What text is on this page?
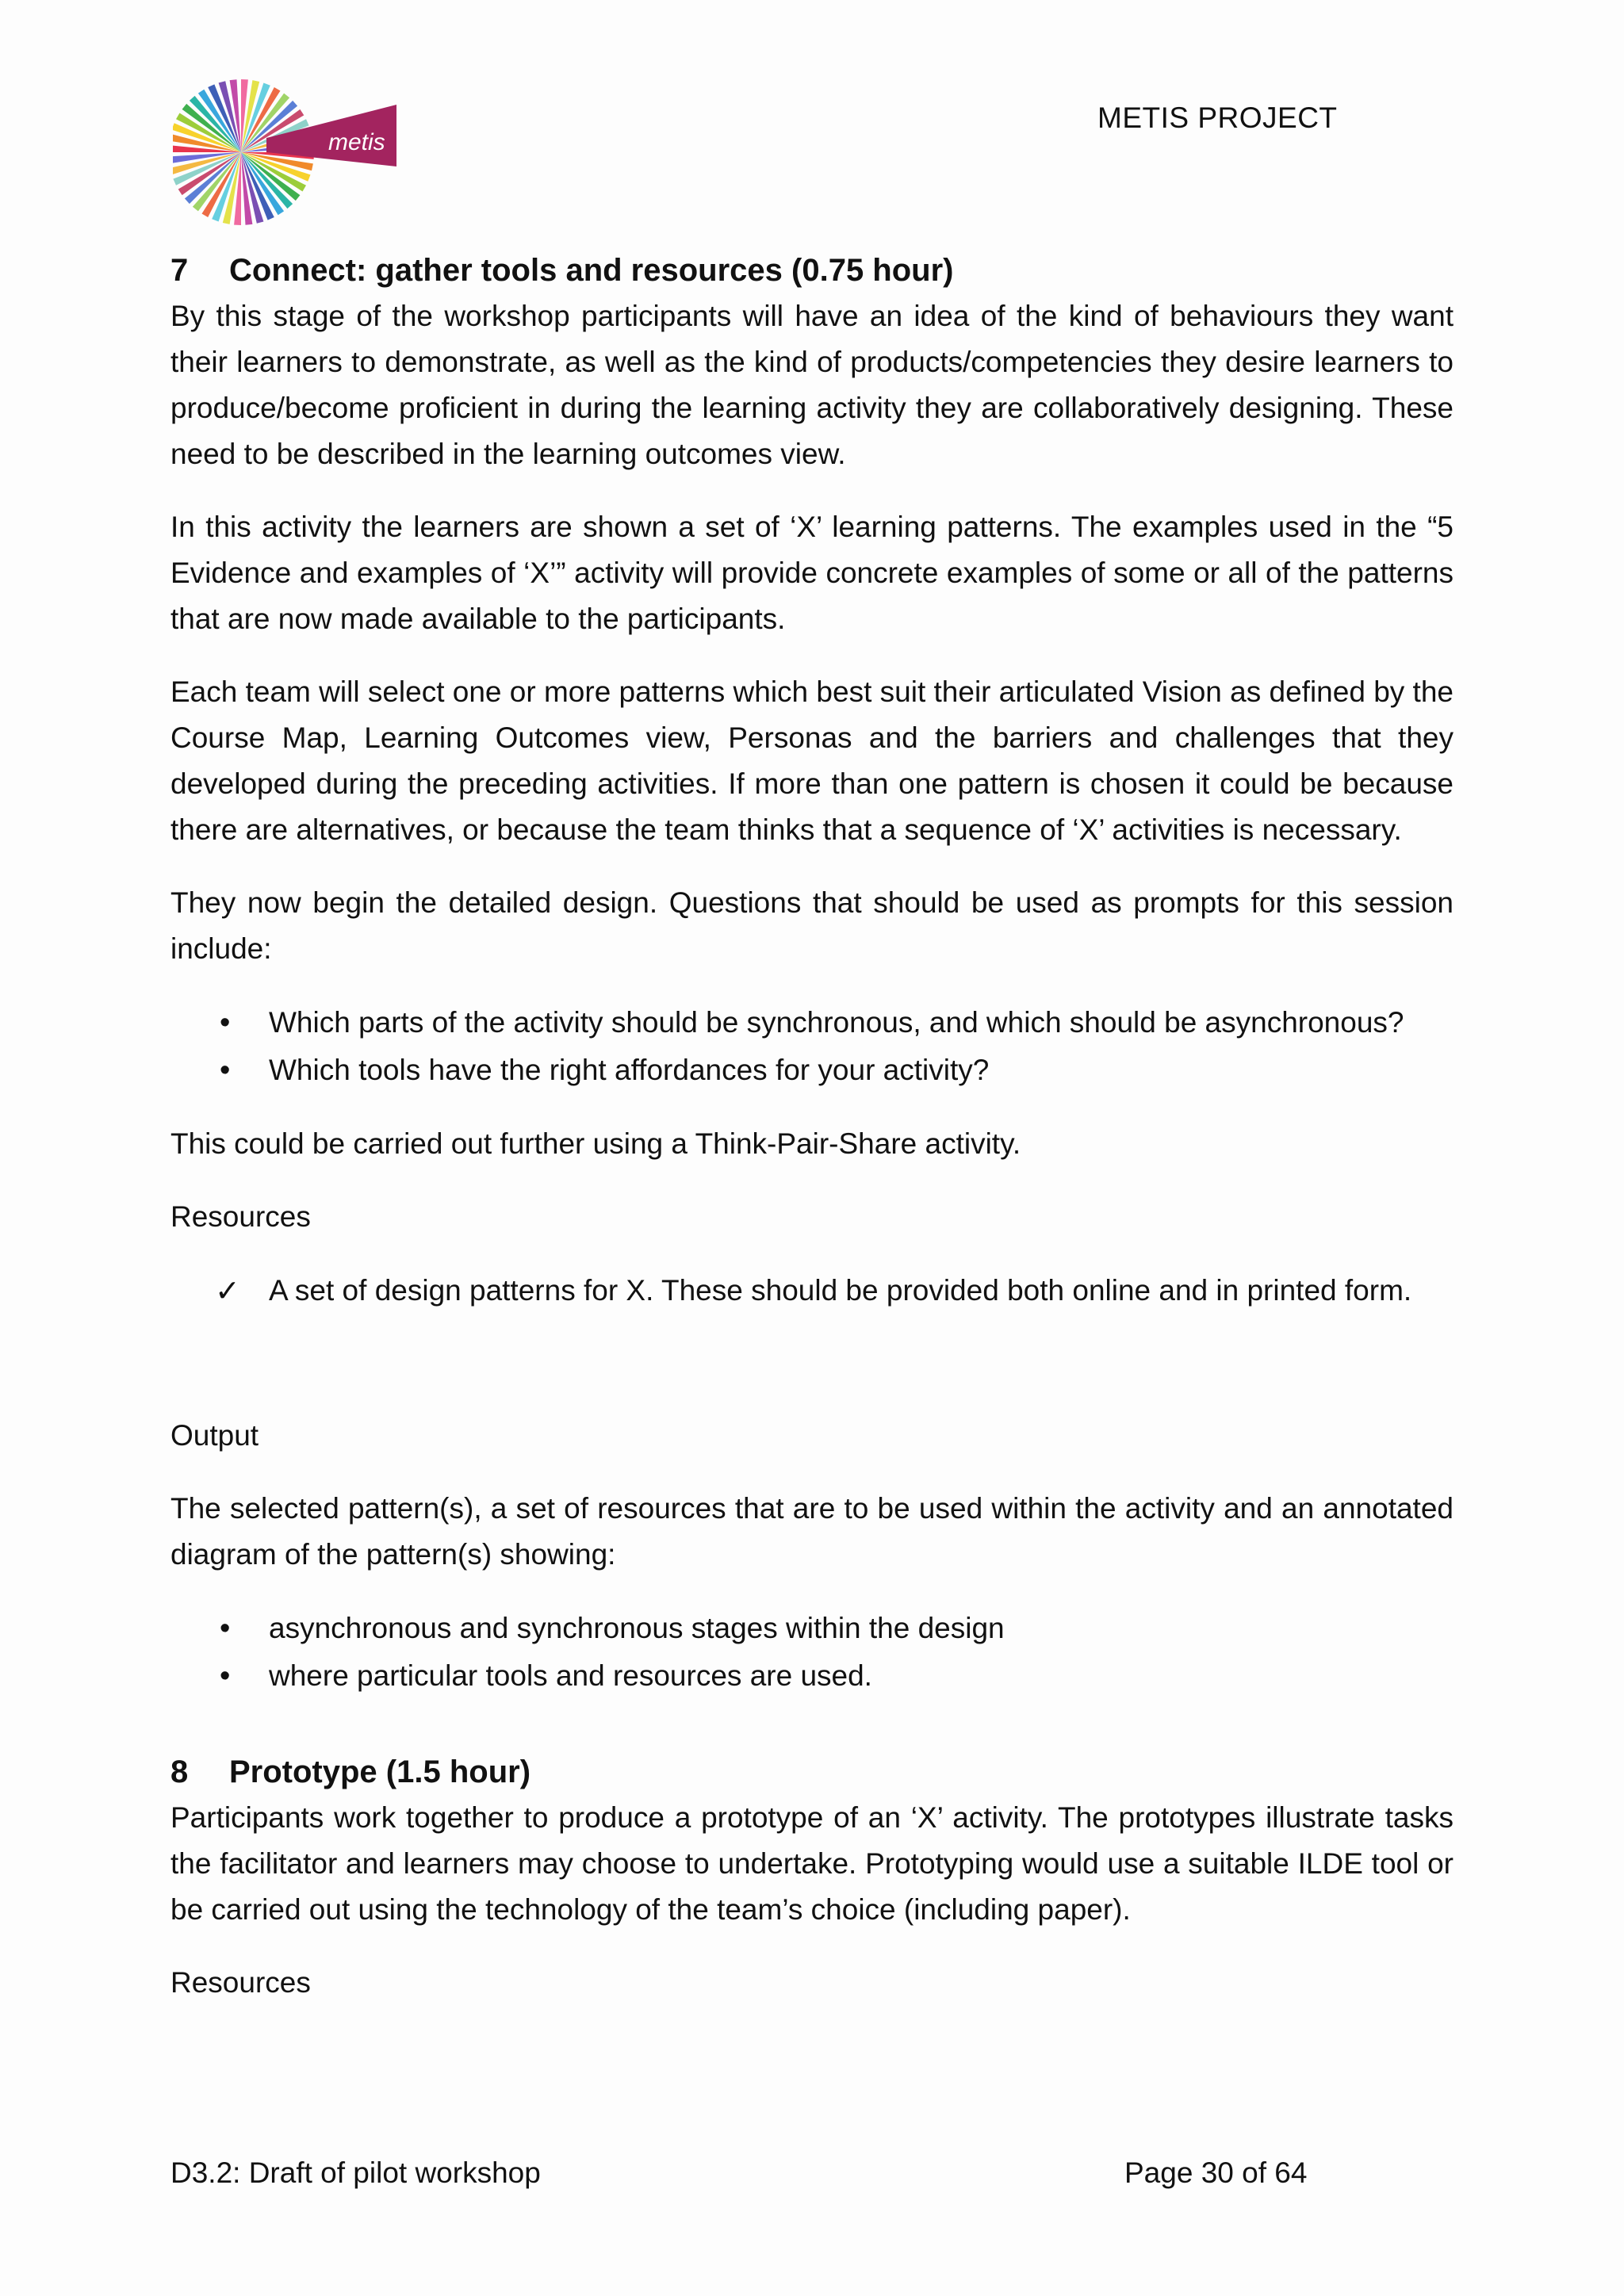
metis
METIS PROJECT
7 Connect: gather tools and resources (0.75 hour)

By this stage of the workshop participants will have an idea of the kind of behaviours they want their learners to demonstrate, as well as the kind of products/competencies they desire learners to produce/become proficient in during the learning activity they are collaboratively designing. These need to be described in the learning outcomes view.

In this activity the learners are shown a set of ‘X’ learning patterns. The examples used in the “5 Evidence and examples of ‘X’” activity will provide concrete examples of some or all of the patterns that are now made available to the participants.

Each team will select one or more patterns which best suit their articulated Vision as defined by the Course Map, Learning Outcomes view, Personas and the barriers and challenges that they developed during the preceding activities. If more than one pattern is chosen it could be because there are alternatives, or because the team thinks that a sequence of ‘X’ activities is necessary.

They now begin the detailed design. Questions that should be used as prompts for this session include:

• Which parts of the activity should be synchronous, and which should be asynchronous?
• Which tools have the right affordances for your activity?

This could be carried out further using a Think-Pair-Share activity.

Resources

✓ A set of design patterns for X. These should be provided both online and in printed form.

Output

The selected pattern(s), a set of resources that are to be used within the activity and an annotated diagram of the pattern(s) showing:

• asynchronous and synchronous stages within the design
• where particular tools and resources are used.
8 Prototype (1.5 hour)

Participants work together to produce a prototype of an ‘X’ activity. The prototypes illustrate tasks the facilitator and learners may choose to undertake. Prototyping would use a suitable ILDE tool or be carried out using the technology of the team’s choice (including paper).

Resources

D3.2: Draft of pilot workshop	Page 30 of 64
